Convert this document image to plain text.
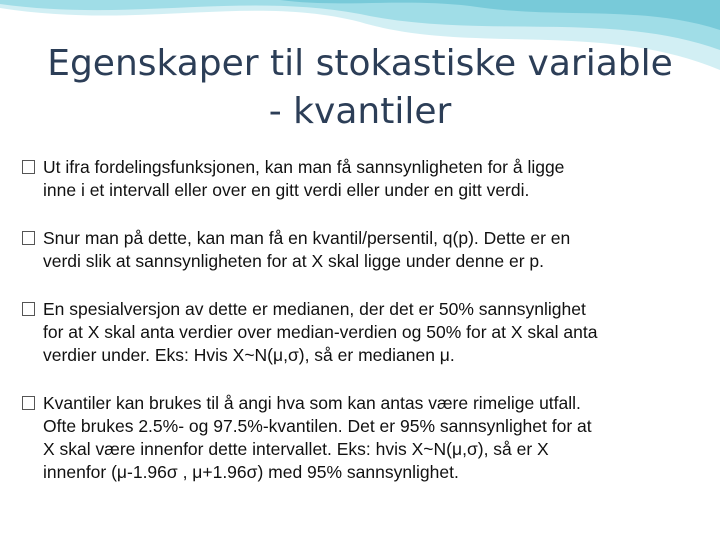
Egenskaper til stokastiske variable
- kvantiler
Ut ifra fordelingsfunksjonen, kan man få sannsynligheten for å ligge
inne i et intervall eller over en gitt verdi eller under en gitt verdi.
Snur man på dette, kan man få en kvantil/persentil, q(p). Dette er en
verdi slik at sannsynligheten for at X skal ligge under denne er p.
En spesialversjon av dette er medianen, der det er 50% sannsynlighet
for at X skal anta verdier over median-verdien og 50% for at X skal anta
verdier under. Eks: Hvis X~N(μ,σ), så er medianen μ.
Kvantiler kan brukes til å angi hva som kan antas være rimelige utfall.
Ofte brukes 2.5%- og 97.5%-kvantilen. Det er 95% sannsynlighet for at
X skal være innenfor dette intervallet. Eks: hvis X~N(μ,σ), så er X
innenfor (μ-1.96σ , μ+1.96σ) med 95% sannsynlighet.
